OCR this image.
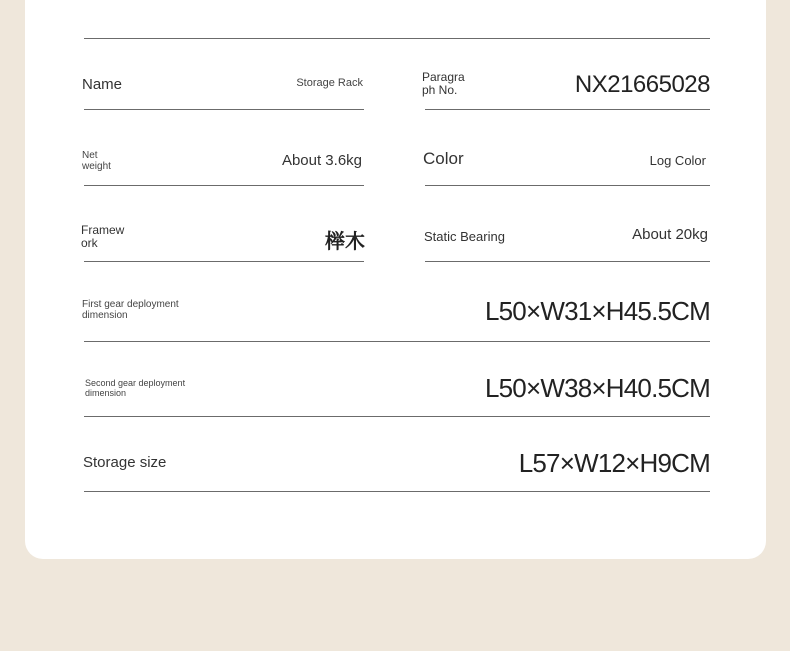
Name	Storage Rack	Paragra
ph No.	NX21665028
Net
weight	About 3.6kg	Color	Log Color
Framew
ork	榉木	Static Bearing	About 20kg
First gear deployment
dimension	L50×W31×H45.5CM
Second gear deployment
dimension	L50×W38×H40.5CM
Storage size	L57×W12×H9CM
